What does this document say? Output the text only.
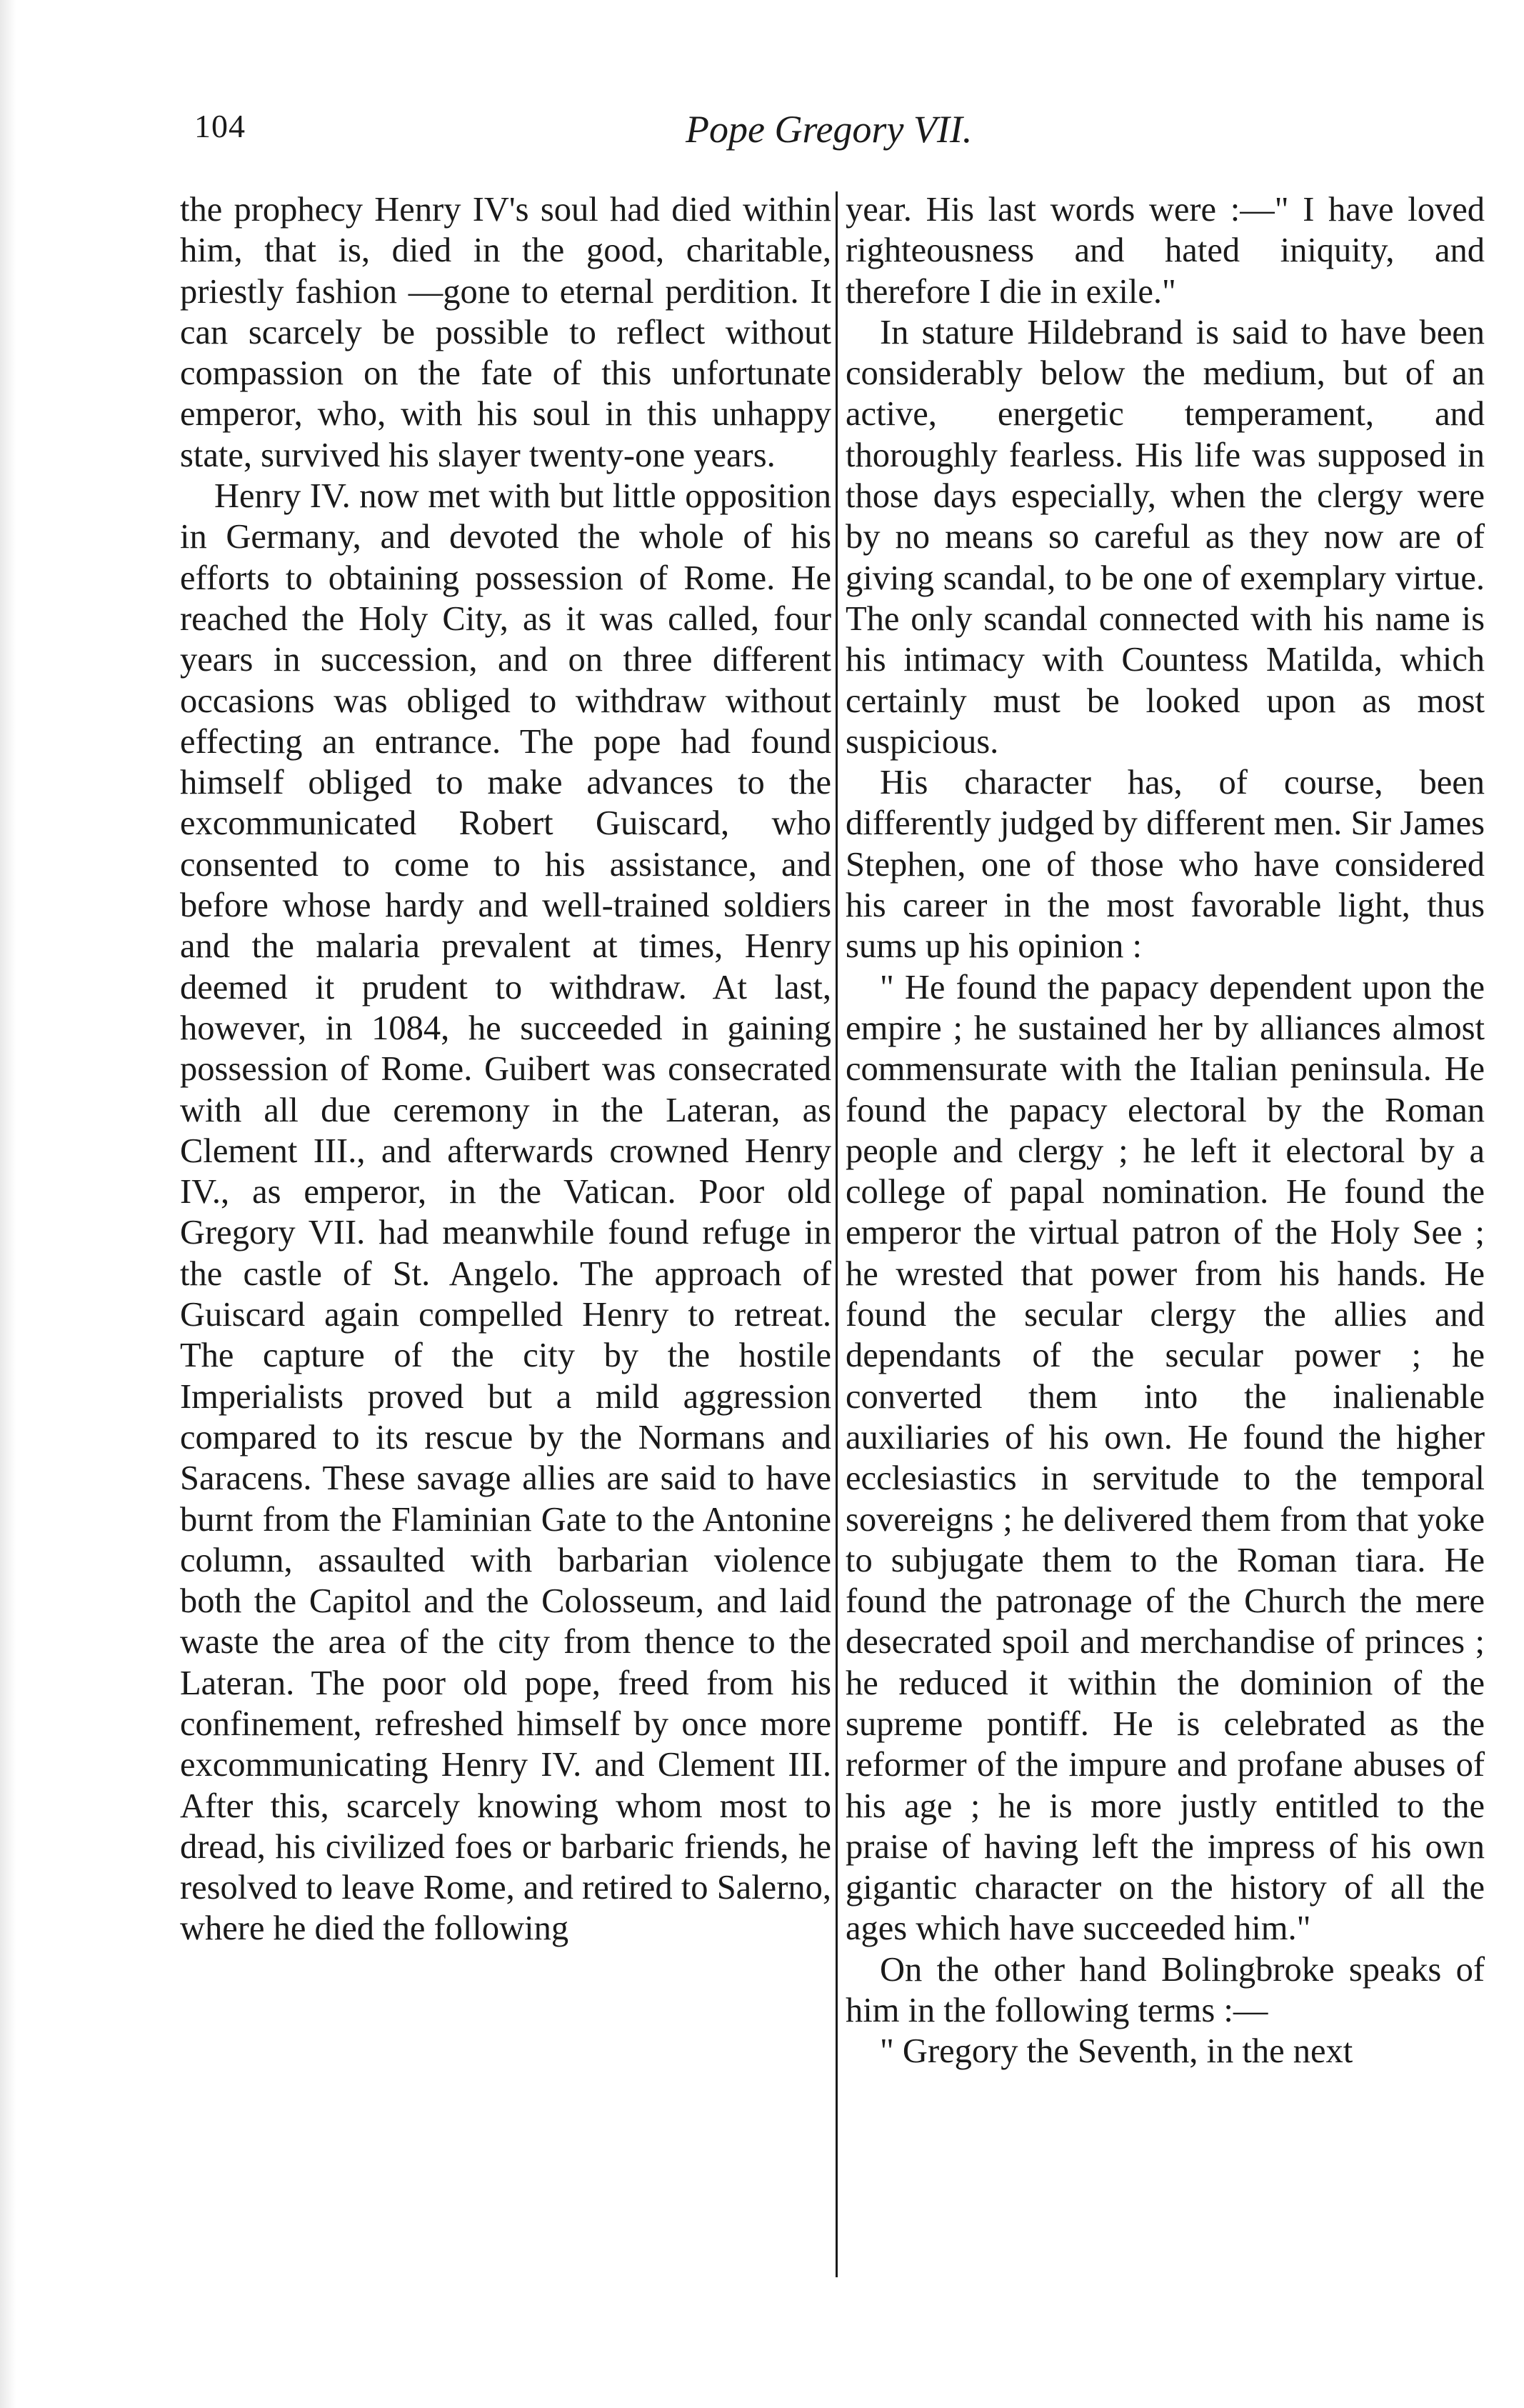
104	Pope Gregory VII.

the prophecy Henry IV's soul had died within him, that is, died in the good, charitable, priestly fashion —gone to eternal perdition. It can scarcely be possible to reflect without compassion on the fate of this unfortunate emperor, who, with his soul in this unhappy state, survived his slayer twenty-one years.

Henry IV. now met with but little opposition in Germany, and devoted the whole of his efforts to obtaining possession of Rome. He reached the Holy City, as it was called, four years in succession, and on three different occasions was obliged to withdraw without effecting an entrance. The pope had found himself obliged to make advances to the excommunicated Robert Guiscard, who consented to come to his assistance, and before whose hardy and well-trained soldiers and the malaria prevalent at times, Henry deemed it prudent to withdraw. At last, however, in 1084, he succeeded in gaining possession of Rome. Guibert was consecrated with all due ceremony in the Lateran, as Clement III., and afterwards crowned Henry IV., as emperor, in the Vatican. Poor old Gregory VII. had meanwhile found refuge in the castle of St. Angelo. The approach of Guiscard again compelled Henry to retreat. The capture of the city by the hostile Imperialists proved but a mild aggression compared to its rescue by the Normans and Saracens. These savage allies are said to have burnt from the Flaminian Gate to the Antonine column, assaulted with barbarian violence both the Capitol and the Colosseum, and laid waste the area of the city from thence to the Lateran. The poor old pope, freed from his confinement, refreshed himself by once more excommunicating Henry IV. and Clement III. After this, scarcely knowing whom most to dread, his civilized foes or barbaric friends, he resolved to leave Rome, and retired to Salerno, where he died the following

year. His last words were :—" I have loved righteousness and hated iniquity, and therefore I die in exile."

In stature Hildebrand is said to have been considerably below the medium, but of an active, energetic temperament, and thoroughly fearless. His life was supposed in those days especially, when the clergy were by no means so careful as they now are of giving scandal, to be one of exemplary virtue. The only scandal connected with his name is his intimacy with Countess Matilda, which certainly must be looked upon as most suspicious.

His character has, of course, been differently judged by different men. Sir James Stephen, one of those who have considered his career in the most favorable light, thus sums up his opinion :

" He found the papacy dependent upon the empire ; he sustained her by alliances almost commensurate with the Italian peninsula. He found the papacy electoral by the Roman people and clergy ; he left it electoral by a college of papal nomination. He found the emperor the virtual patron of the Holy See ; he wrested that power from his hands. He found the secular clergy the allies and dependants of the secular power ; he converted them into the inalienable auxiliaries of his own. He found the higher ecclesiastics in servitude to the temporal sovereigns ; he delivered them from that yoke to subjugate them to the Roman tiara. He found the patronage of the Church the mere desecrated spoil and merchandise of princes ; he reduced it within the dominion of the supreme pontiff. He is celebrated as the reformer of the impure and profane abuses of his age ; he is more justly entitled to the praise of having left the impress of his own gigantic character on the history of all the ages which have succeeded him."

On the other hand Bolingbroke speaks of him in the following terms :—

" Gregory the Seventh, in the next
